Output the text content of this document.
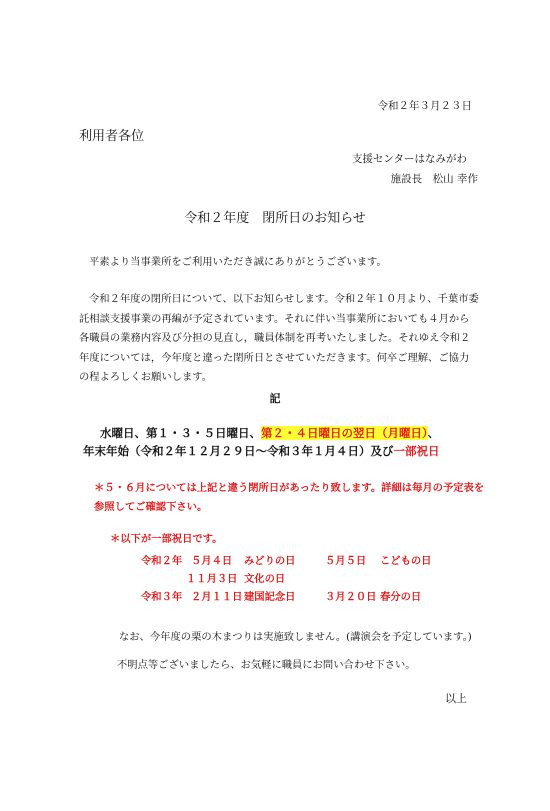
令和２年３月２３日
利用者各位
支援センターはなみがわ
施設長　松山 幸作
令和２年度　閉所日のお知らせ
平素より当事業所をご利用いただき誠にありがとうございます。
令和２年度の閉所日について、以下お知らせします。令和２年１０月より、千葉市委託相談支援事業の再編が予定されています。それに伴い当事業所においても４月から各職員の業務内容及び分担の見直し，職員体制を再考いたしました。それゆえ令和２年度については，今年度と違った閉所日とさせていただきます。何卒ご理解、ご協力の程よろしくお願いします。
記
水曜日、第１・３・５日曜日、第２・４日曜日の翌日（月曜日）、
年末年始（令和２年１２月２９日～令和３年１月４日）及び一部祝日
＊５・６月については上記と違う閉所日があったり致します。詳細は毎月の予定表を参照してご確認下さい。
＊以下が一部祝日です。
令和２年 ５月４日 みどりの日	５月５日 こどもの日
１１月３日 文化の日
令和３年 ２月１１日 建国記念日	３月２０日 春分の日
なお、今年度の栗の木まつりは実施致しません。(講演会を予定しています。)
不明点等ございましたら、お気軽に職員にお問い合わせ下さい。
以上
